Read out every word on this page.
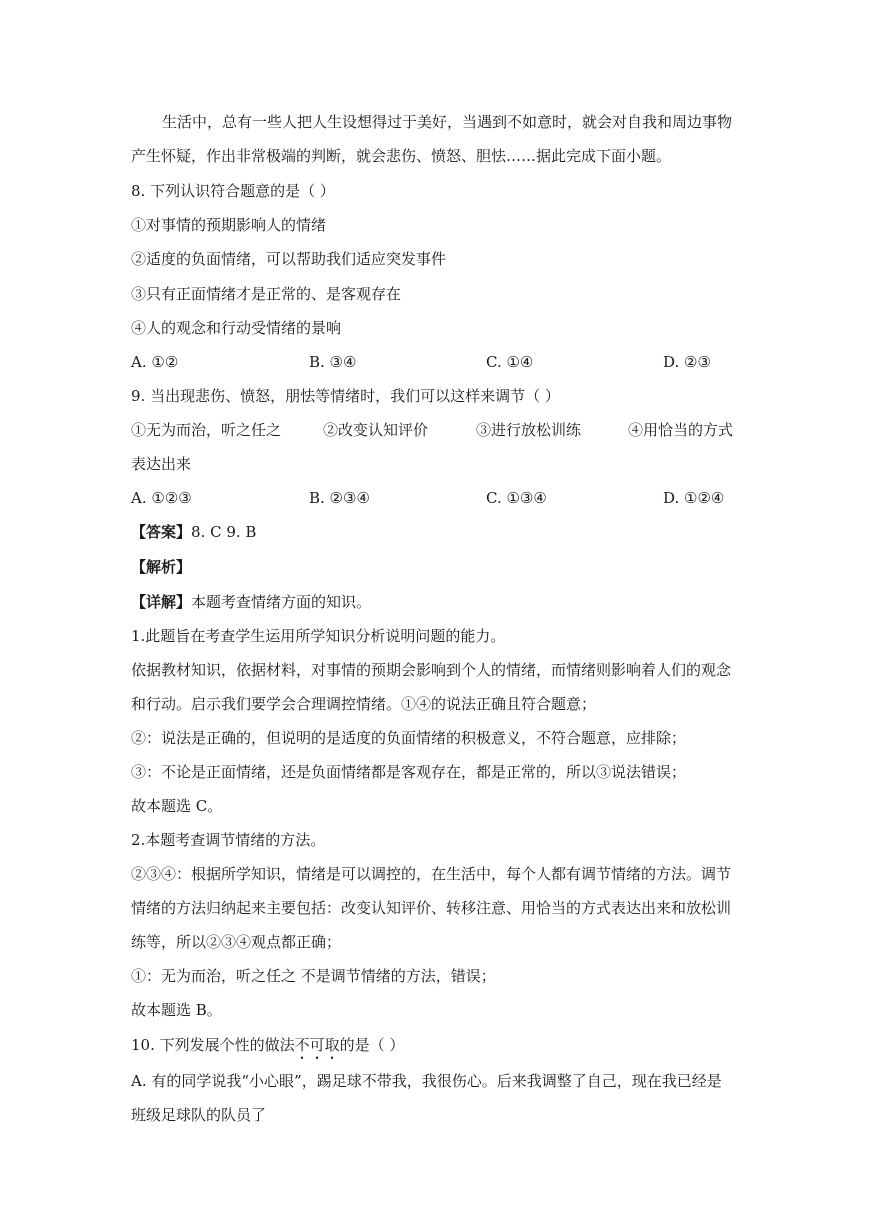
生活中，总有一些人把人生设想得过于美好，当遇到不如意时，就会对自我和周边事物
产生怀疑，作出非常极端的判断，就会悲伤、愤怒、胆怯……据此完成下面小题。
8. 下列认识符合题意的是（ ）
①对事情的预期影响人的情绪
②适度的负面情绪，可以帮助我们适应突发事件
③只有正面情绪才是正常的、是客观存在
④人的观念和行动受情绪的景响
A. ①②	B. ③④	C. ①④	D. ②③
9. 当出现悲伤、愤怒，朋怯等情绪时，我们可以这样来调节（ ）
①无为而治，听之任之	②改变认知评价	③进行放松训练	④用恰当的方式
表达出来
A. ①②③	B. ②③④	C. ①③④	D. ①②④
【答案】8. C 9. B
【解析】
【详解】本题考查情绪方面的知识。
1.此题旨在考查学生运用所学知识分析说明问题的能力。
依据教材知识，依据材料，对事情的预期会影响到个人的情绪，而情绪则影响着人们的观念
和行动。启示我们要学会合理调控情绪。①④的说法正确且符合题意；
②：说法是正确的，但说明的是适度的负面情绪的积极意义，不符合题意，应排除；
③：不论是正面情绪，还是负面情绪都是客观存在，都是正常的，所以③说法错误；
故本题选 C。
2.本题考查调节情绪的方法。
②③④：根据所学知识，情绪是可以调控的，在生活中，每个人都有调节情绪的方法。调节
情绪的方法归纳起来主要包括：改变认知评价、转移注意、用恰当的方式表达出来和放松训
练等，所以②③④观点都正确；
①：无为而治，听之任之 不是调节情绪的方法，错误；
故本题选 B。
10. 下列发展个性的做法不可取的是（ ）
A. 有的同学说我“小心眼”，踢足球不带我，我很伤心。后来我调整了自己，现在我已经是
班级足球队的队员了
